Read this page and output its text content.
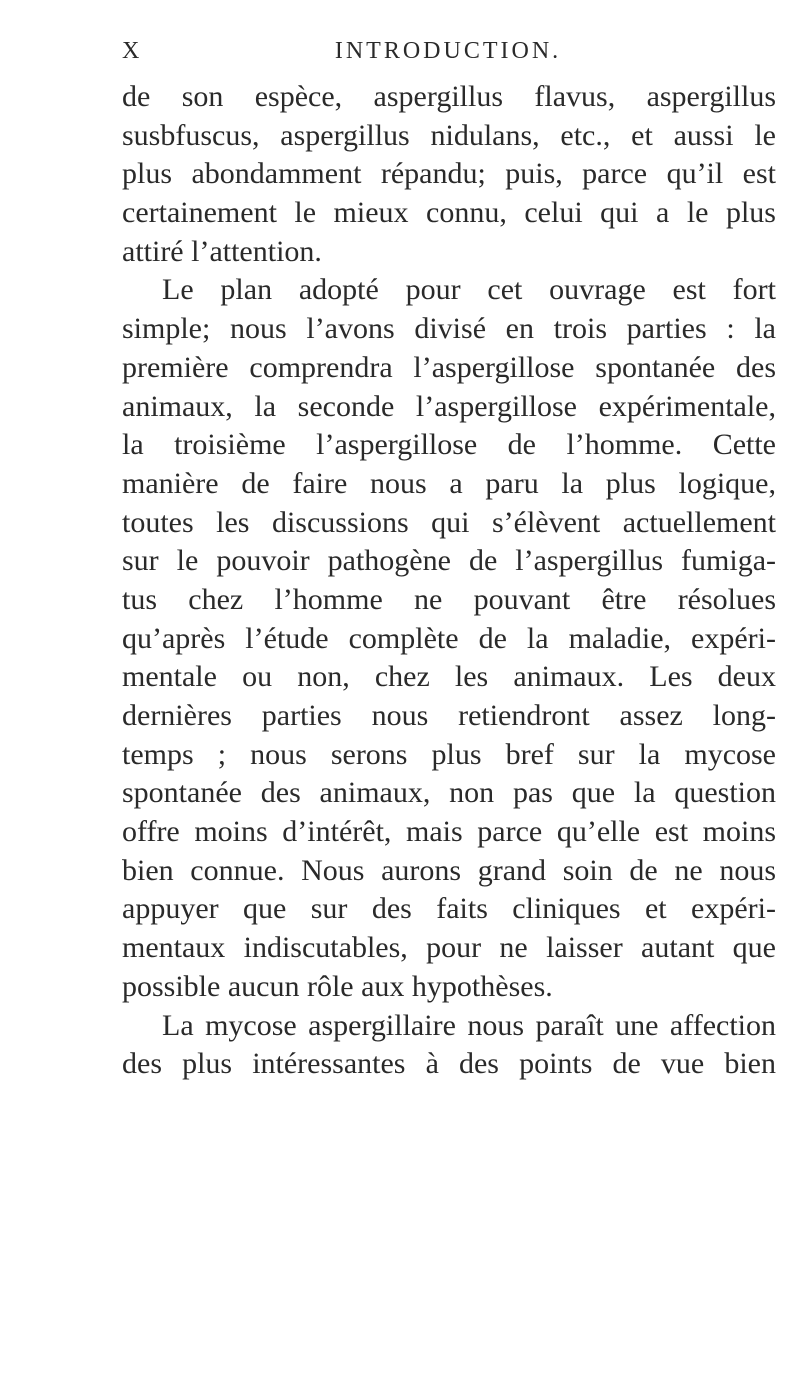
X	INTRODUCTION.
de son espèce, aspergillus flavus, aspergillus
susbfuscus, aspergillus nidulans, etc., et aussi le
plus abondamment répandu; puis, parce qu’il est
certainement le mieux connu, celui qui a le plus
attiré l’attention.
Le plan adopté pour cet ouvrage est fort
simple; nous l’avons divisé en trois parties : la
première comprendra l’aspergillose spontanée des
animaux, la seconde l’aspergillose expérimentale,
la troisième l’aspergillose de l’homme. Cette
manière de faire nous a paru la plus logique,
toutes les discussions qui s’élèvent actuellement
sur le pouvoir pathogène de l’aspergillus fumiga-
tus chez l’homme ne pouvant être résolues
qu’après l’étude complète de la maladie, expéri-
mentale ou non, chez les animaux. Les deux
dernières parties nous retiendront assez long-
temps ; nous serons plus bref sur la mycose
spontanée des animaux, non pas que la question
offre moins d’intérêt, mais parce qu’elle est moins
bien connue. Nous aurons grand soin de ne nous
appuyer que sur des faits cliniques et expéri-
mentaux indiscutables, pour ne laisser autant que
possible aucun rôle aux hypothèses.
La mycose aspergillaire nous paraît une affection
des plus intéressantes à des points de vue bien
